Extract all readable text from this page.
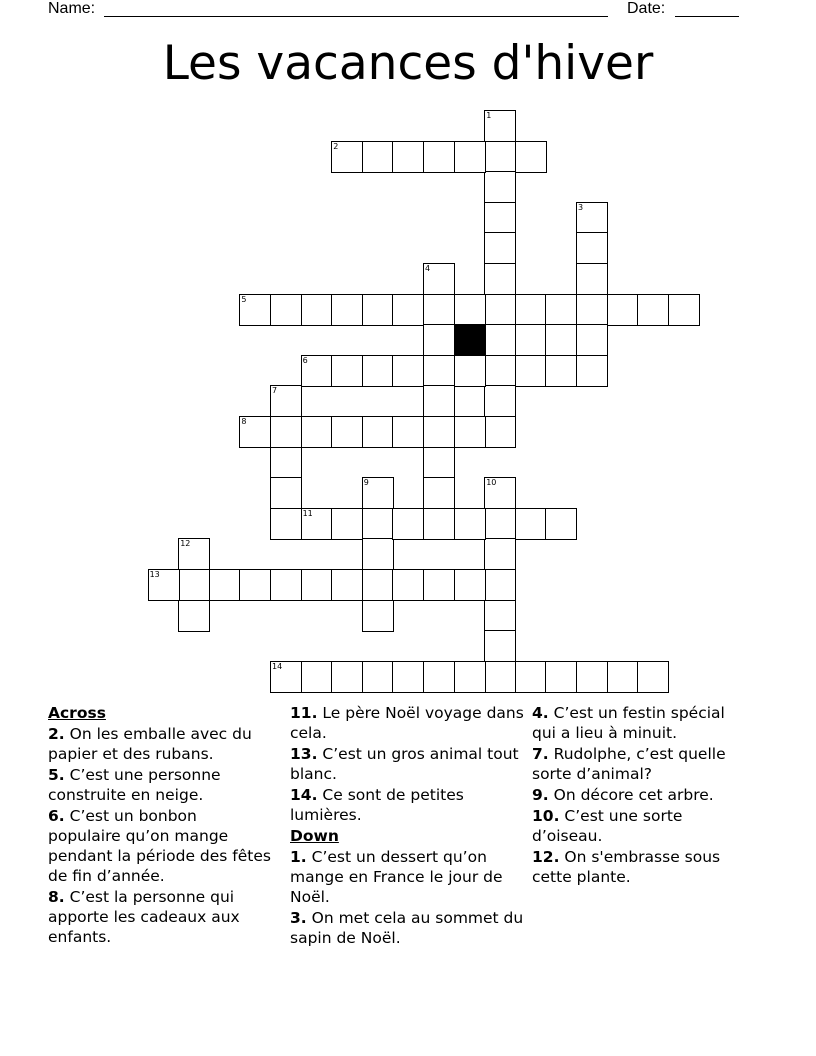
Name:	Date:
Les vacances d'hiver
1
2
3
4
5
6
7
8
9	10
11
12
13
14

Across

2. On les emballe avec du papier et des rubans.

5. C’est une personne construite en neige.

6. C’est un bonbon populaire qu’on mange pendant la période des fêtes de fin d’année.

8. C’est la personne qui apporte les cadeaux aux enfants.

11. Le père Noël voyage dans cela.

13. C’est un gros animal tout blanc.

14. Ce sont de petites lumières.

Down

1. C’est un dessert qu’on mange en France le jour de Noël.

3. On met cela au sommet du sapin de Noël.

4. C’est un festin spécial qui a lieu à minuit.

7. Rudolphe, c’est quelle sorte d’animal?

9. On décore cet arbre.

10. C’est une sorte d’oiseau.

12. On s'embrasse sous cette plante.
